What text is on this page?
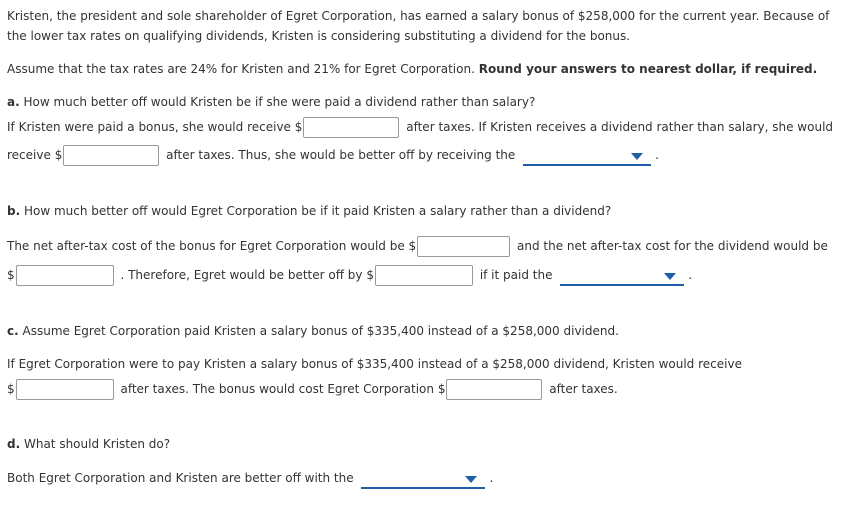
Kristen, the president and sole shareholder of Egret Corporation, has earned a salary bonus of $258,000 for the current year. Because of
the lower tax rates on qualifying dividends, Kristen is considering substituting a dividend for the bonus.
Assume that the tax rates are 24% for Kristen and 21% for Egret Corporation. Round your answers to nearest dollar, if required.
a. How much better off would Kristen be if she were paid a dividend rather than salary?
If Kristen were paid a bonus, she would receive $	after taxes. If Kristen receives a dividend rather than salary, she would
receive $	after taxes. Thus, she would be better off by receiving the	.
b. How much better off would Egret Corporation be if it paid Kristen a salary rather than a dividend?
The net after-tax cost of the bonus for Egret Corporation would be $	and the net after-tax cost for the dividend would be
$	. Therefore, Egret would be better off by $	if it paid the	.
c. Assume Egret Corporation paid Kristen a salary bonus of $335,400 instead of a $258,000 dividend.
If Egret Corporation were to pay Kristen a salary bonus of $335,400 instead of a $258,000 dividend, Kristen would receive
$	after taxes. The bonus would cost Egret Corporation $	after taxes.
d. What should Kristen do?
Both Egret Corporation and Kristen are better off with the	.
